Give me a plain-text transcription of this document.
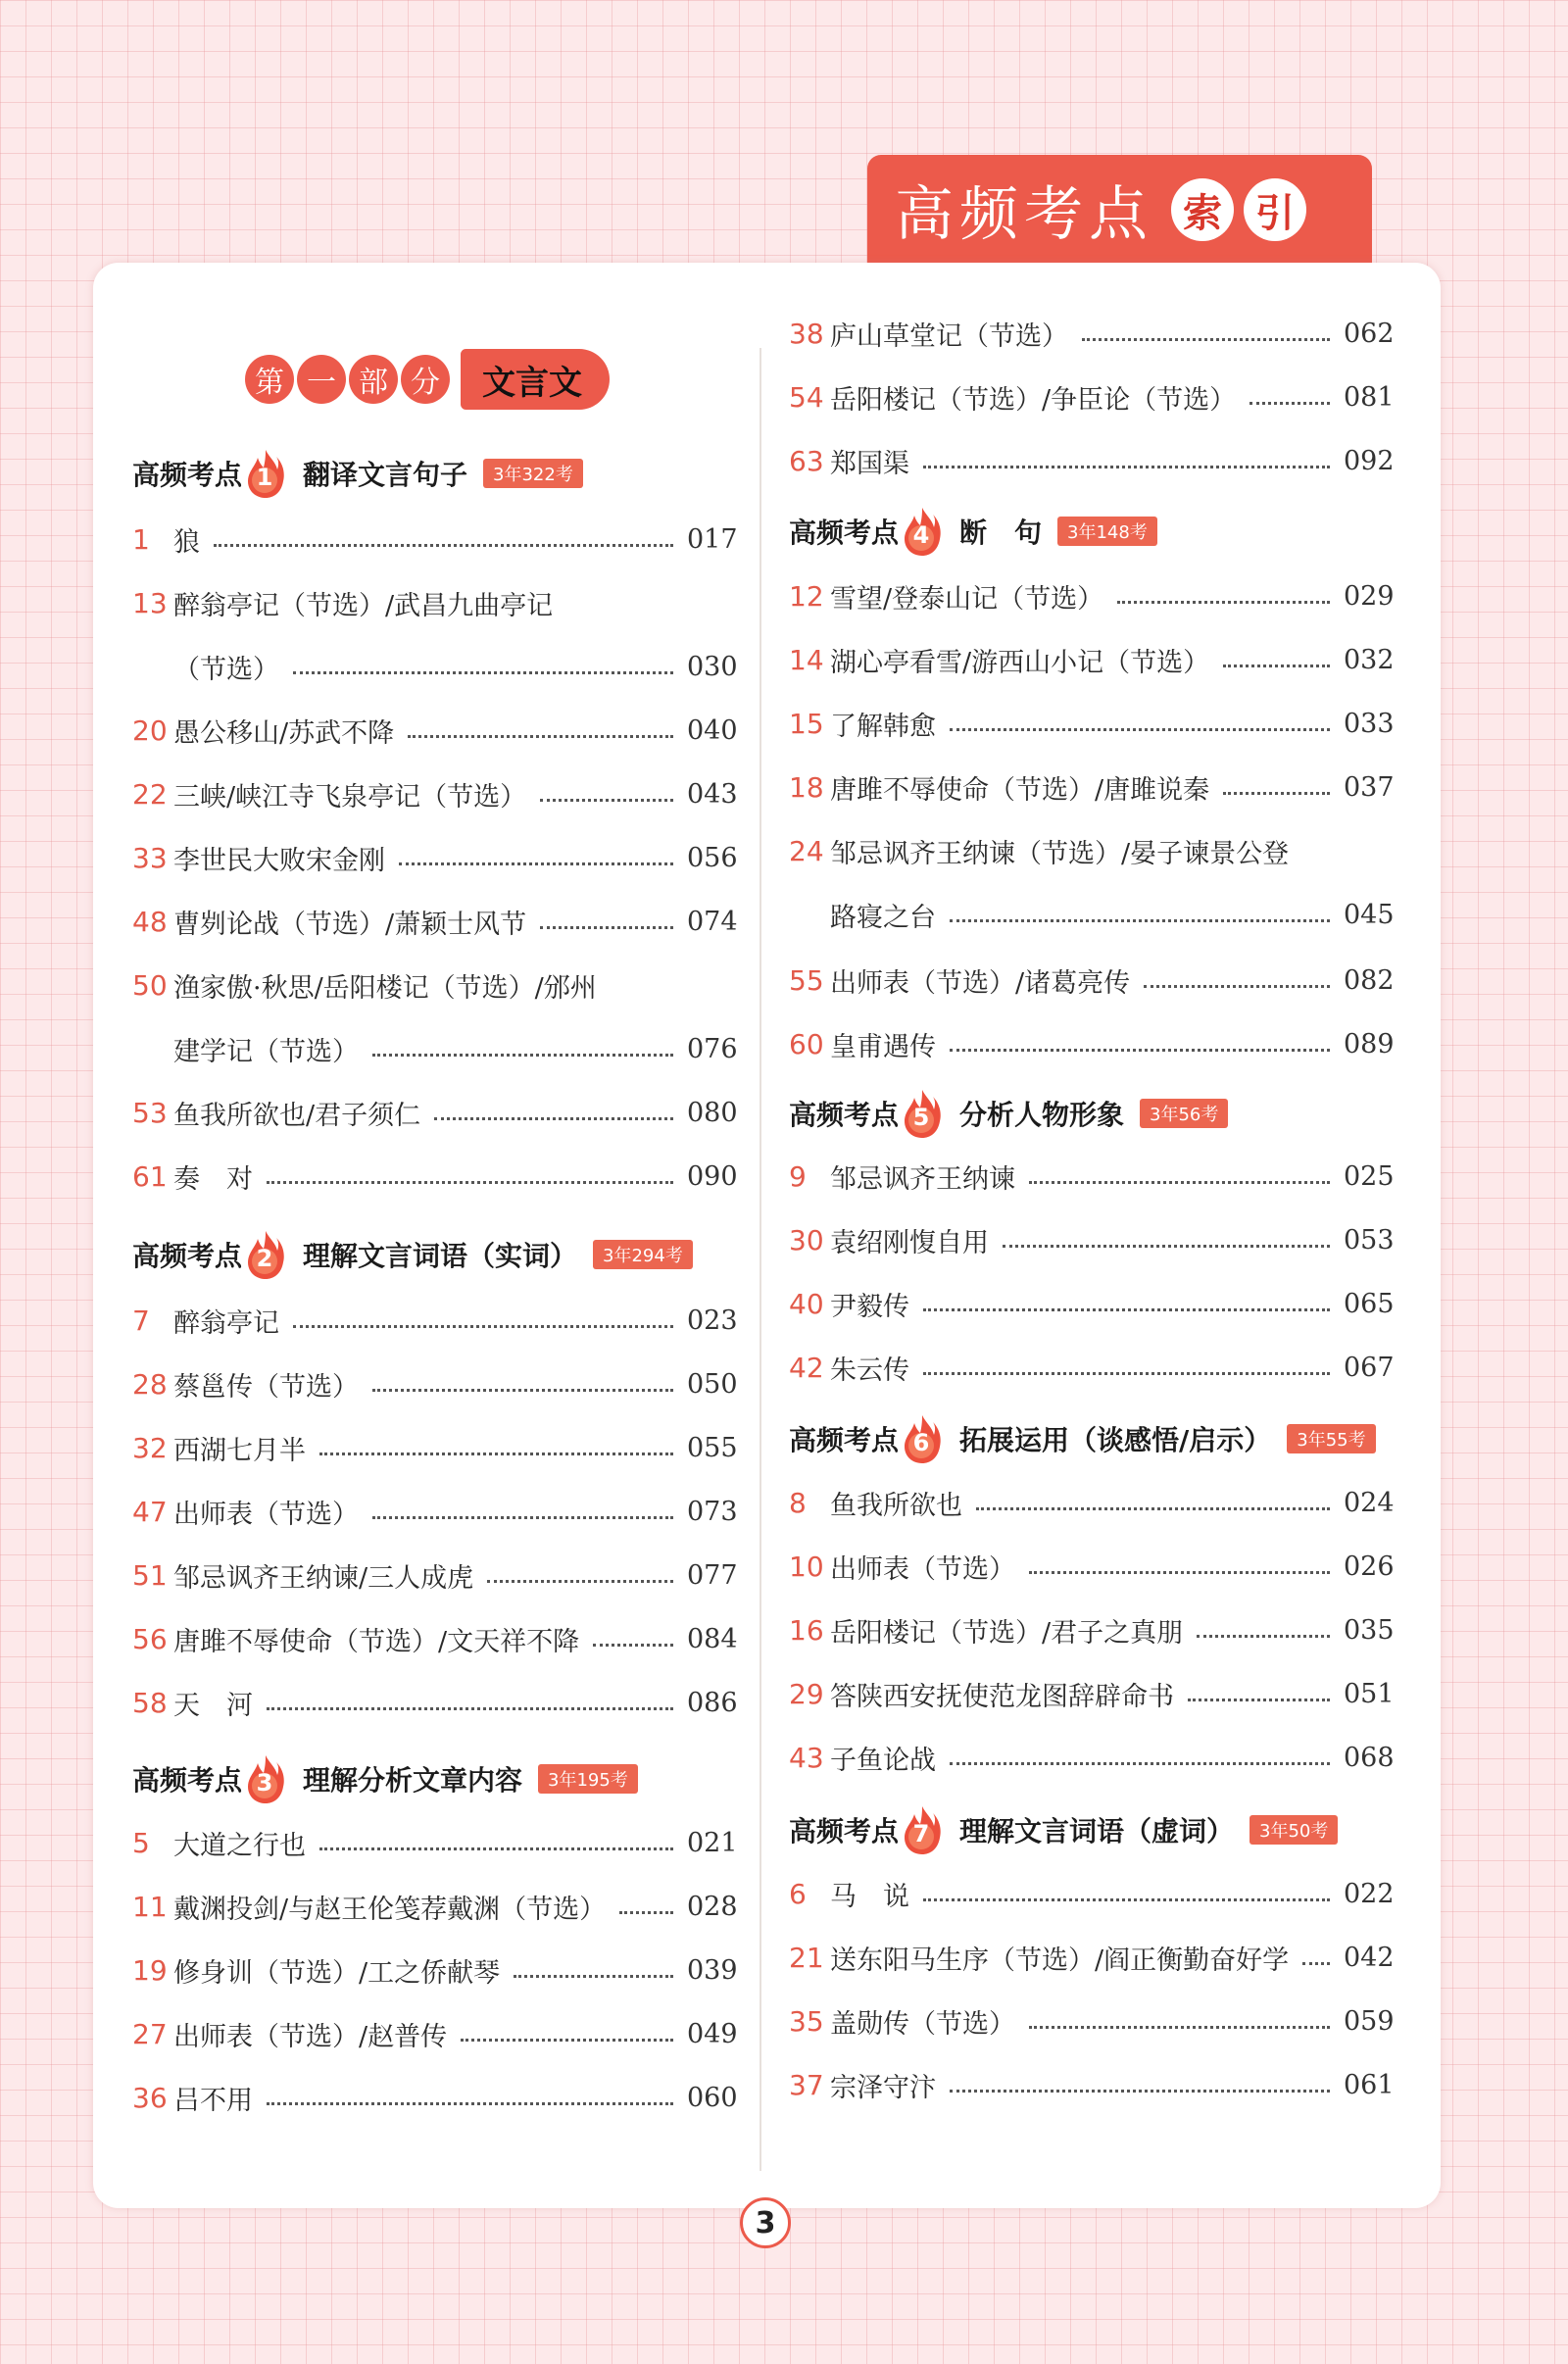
高频考点 索 引
第 一 部 分	文言文
高频考点 1	翻译文言句子	3年322考
1 狼	017
13 醉翁亭记（节选）/武昌九曲亭记
（节选）	030
20 愚公移山/苏武不降	040
22 三峡/峡江寺飞泉亭记（节选）	043
33 李世民大败宋金刚	056
48 曹刿论战（节选）/萧颖士风节	074
50 渔家傲·秋思/岳阳楼记（节选）/邠州
建学记（节选）	076
53 鱼我所欲也/君子须仁	080
61 奏　对	090
高频考点 2	理解文言词语（实词）	3年294考
7 醉翁亭记	023
28 蔡邕传（节选）	050
32 西湖七月半	055
47 出师表（节选）	073
51 邹忌讽齐王纳谏/三人成虎	077
56 唐雎不辱使命（节选）/文天祥不降	084
58 天　河	086
高频考点 3	理解分析文章内容	3年195考
5 大道之行也	021
11 戴渊投剑/与赵王伦笺荐戴渊（节选）	028
19 修身训（节选）/工之侨献琴	039
27 出师表（节选）/赵普传	049
36 吕不用	060
38 庐山草堂记（节选）	062
54 岳阳楼记（节选）/争臣论（节选）	081
63 郑国渠	092
高频考点 4	断　句	3年148考
12 雪望/登泰山记（节选）	029
14 湖心亭看雪/游西山小记（节选）	032
15 了解韩愈	033
18 唐雎不辱使命（节选）/唐雎说秦	037
24 邹忌讽齐王纳谏（节选）/晏子谏景公登
路寝之台	045
55 出师表（节选）/诸葛亮传	082
60 皇甫遇传	089
高频考点 5	分析人物形象	3年56考
9 邹忌讽齐王纳谏	025
30 袁绍刚愎自用	053
40 尹毅传	065
42 朱云传	067
高频考点 6	拓展运用（谈感悟/启示）	3年55考
8 鱼我所欲也	024
10 出师表（节选）	026
16 岳阳楼记（节选）/君子之真朋	035
29 答陕西安抚使范龙图辞辟命书	051
43 子鱼论战	068
高频考点 7	理解文言词语（虚词）	3年50考
6 马　说	022
21 送东阳马生序（节选）/阎正衡勤奋好学 042
35 盖勋传（节选）	059
37 宗泽守汴	061
3
